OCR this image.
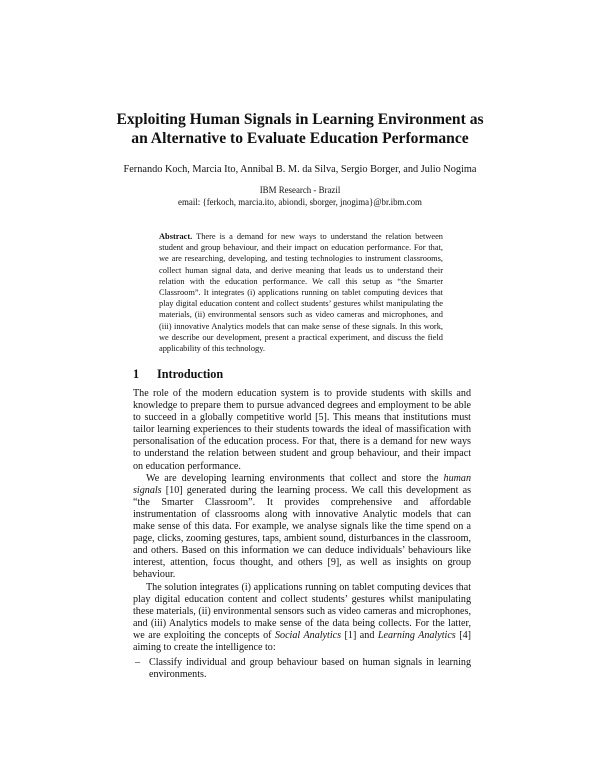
Exploiting Human Signals in Learning Environment as
an Alternative to Evaluate Education Performance
Fernando Koch, Marcia Ito, Annibal B. M. da Silva, Sergio Borger, and Julio Nogima
IBM Research - Brazil
email: {ferkoch, marcia.ito, abiondi, sborger, jnogima}@br.ibm.com
Abstract. There is a demand for new ways to understand the relation between student and group behaviour, and their impact on education performance. For that, we are researching, developing, and testing technologies to instrument classrooms, collect human signal data, and derive meaning that leads us to understand their relation with the education performance. We call this setup as “the Smarter Classroom”. It integrates (i) applications running on tablet computing devices that play digital education content and collect students’ gestures whilst manipulating the materials, (ii) environmental sensors such as video cameras and microphones, and (iii) innovative Analytics models that can make sense of these signals. In this work, we describe our development, present a practical experiment, and discuss the field applicability of this technology.
1 Introduction

The role of the modern education system is to provide students with skills and knowledge to prepare them to pursue advanced degrees and employment to be able to succeed in a globally competitive world [5]. This means that institutions must tailor learning experiences to their students towards the ideal of massification with personalisation of the education process. For that, there is a demand for new ways to understand the relation between student and group behaviour, and their impact on education performance.

We are developing learning environments that collect and store the human signals [10] generated during the learning process. We call this development as “the Smarter Classroom”. It provides comprehensive and affordable instrumentation of classrooms along with innovative Analytic models that can make sense of this data. For example, we analyse signals like the time spend on a page, clicks, zooming gestures, taps, ambient sound, disturbances in the classroom, and others. Based on this information we can deduce individuals’ behaviours like interest, attention, focus thought, and others [9], as well as insights on group behaviour.

The solution integrates (i) applications running on tablet computing devices that play digital education content and collect students’ gestures whilst manipulating these materials, (ii) environmental sensors such as video cameras and microphones, and (iii) Analytics models to make sense of the data being collects. For the latter, we are exploiting the concepts of Social Analytics [1] and Learning Analytics [4] aiming to create the intelligence to:

– Classify individual and group behaviour based on human signals in learning environments.
